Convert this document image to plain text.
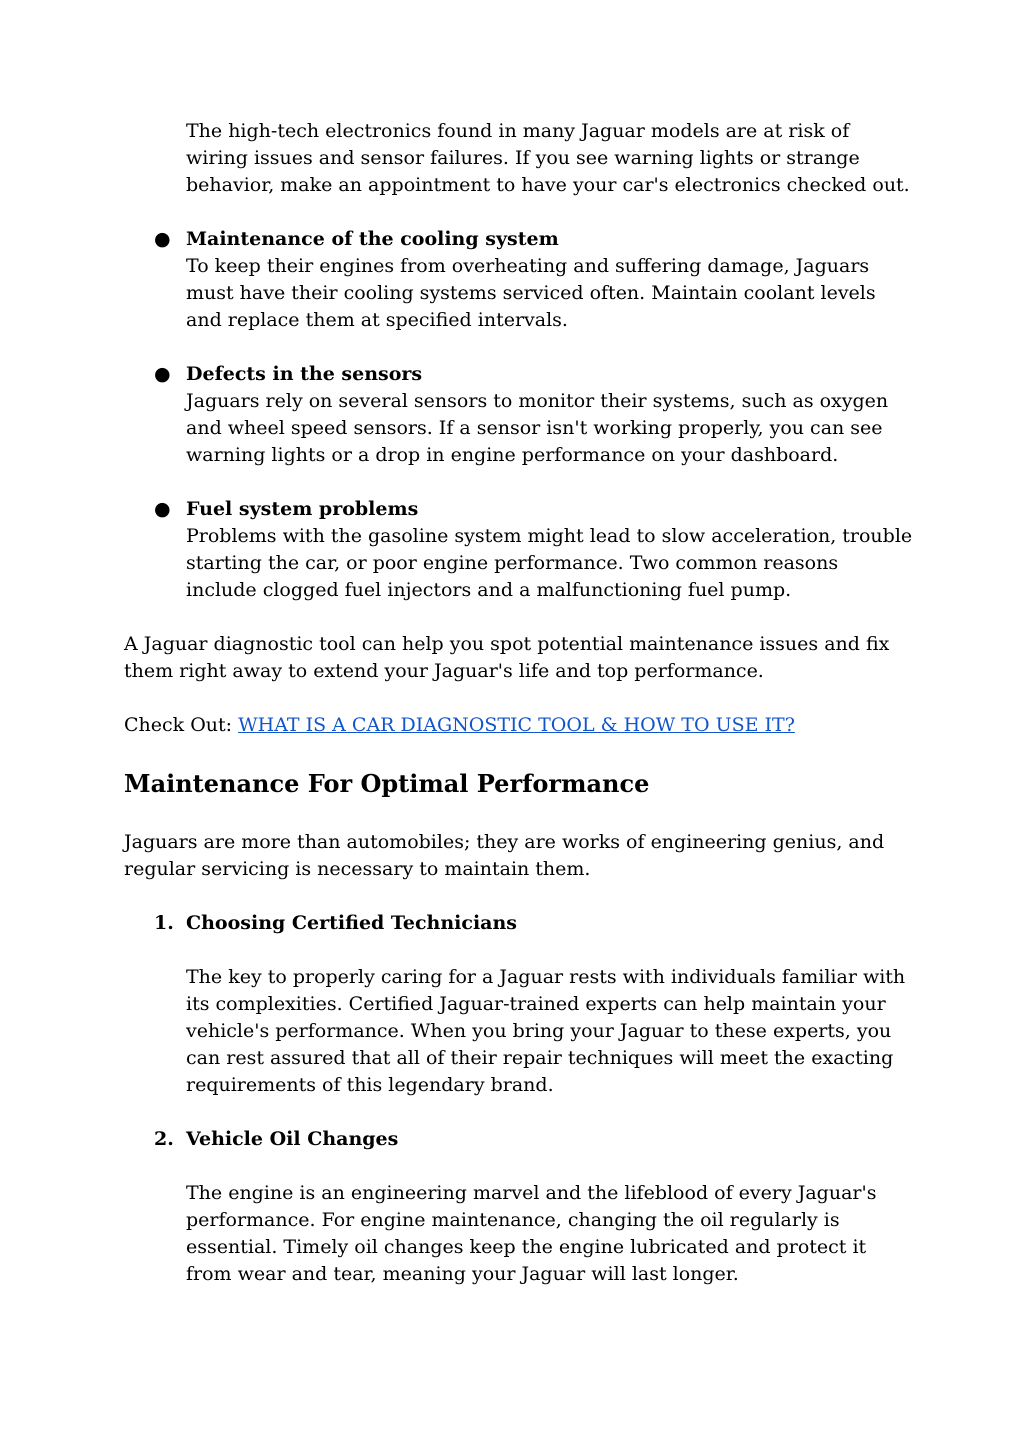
The high-tech electronics found in many Jaguar models are at risk of wiring issues and sensor failures. If you see warning lights or strange behavior, make an appointment to have your car's electronics checked out.

● Maintenance of the cooling system

To keep their engines from overheating and suffering damage, Jaguars must have their cooling systems serviced often. Maintain coolant levels and replace them at specified intervals.

● Defects in the sensors

Jaguars rely on several sensors to monitor their systems, such as oxygen and wheel speed sensors. If a sensor isn't working properly, you can see warning lights or a drop in engine performance on your dashboard.

● Fuel system problems

Problems with the gasoline system might lead to slow acceleration, trouble starting the car, or poor engine performance. Two common reasons include clogged fuel injectors and a malfunctioning fuel pump.

A Jaguar diagnostic tool can help you spot potential maintenance issues and fix them right away to extend your Jaguar's life and top performance.

Check Out: WHAT IS A CAR DIAGNOSTIC TOOL & HOW TO USE IT?

Maintenance For Optimal Performance

Jaguars are more than automobiles; they are works of engineering genius, and regular servicing is necessary to maintain them.

1. Choosing Certified Technicians

The key to properly caring for a Jaguar rests with individuals familiar with its complexities. Certified Jaguar-trained experts can help maintain your vehicle's performance. When you bring your Jaguar to these experts, you can rest assured that all of their repair techniques will meet the exacting requirements of this legendary brand.

2. Vehicle Oil Changes

The engine is an engineering marvel and the lifeblood of every Jaguar's performance. For engine maintenance, changing the oil regularly is essential. Timely oil changes keep the engine lubricated and protect it from wear and tear, meaning your Jaguar will last longer.
